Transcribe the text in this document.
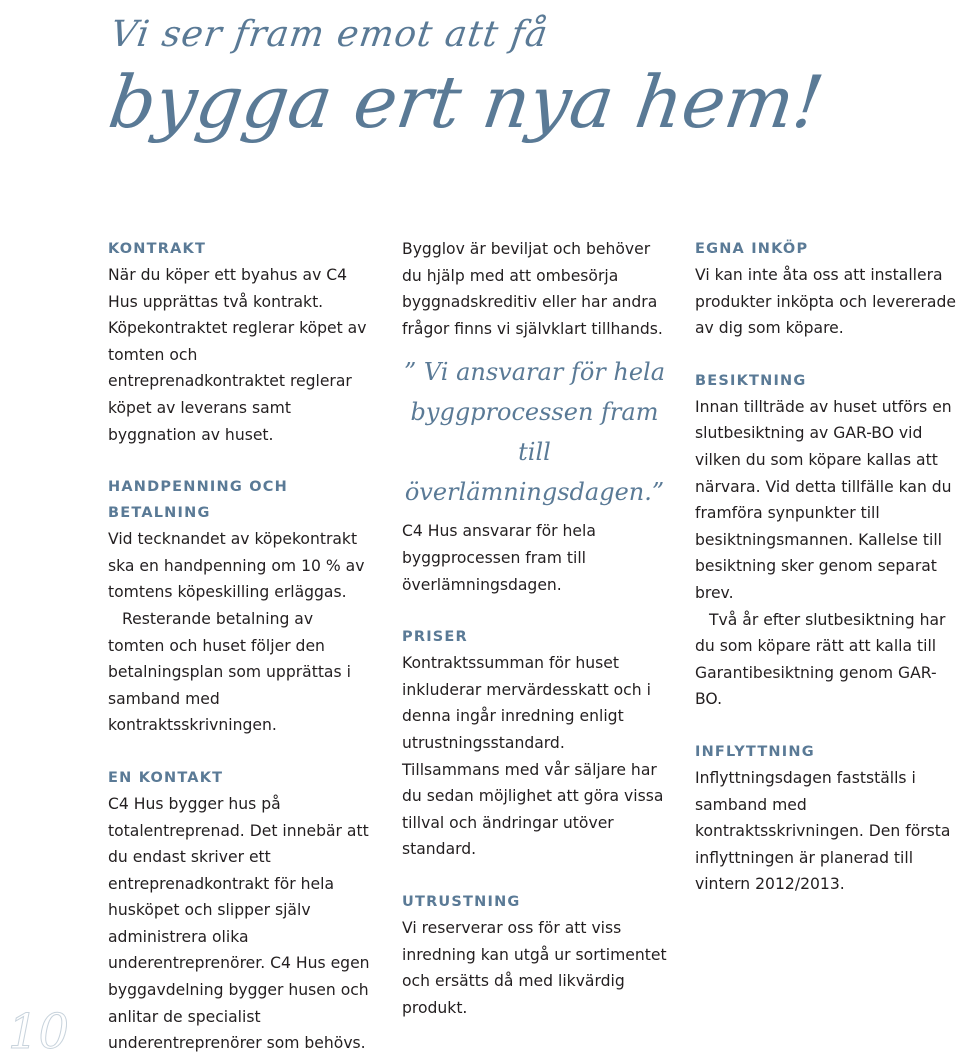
Vi ser fram emot att få
bygga ert nya hem!
KONTRAKT

När du köper ett byahus av C4 Hus upprättas två kontrakt. Köpekontraktet reglerar köpet av tomten och entreprenadkontraktet reglerar köpet av leverans samt byggnation av huset.

HANDPENNING OCH BETALNING

Vid tecknandet av köpekontrakt ska en handpenning om 10 % av tomtens köpeskilling erläggas.

Resterande betalning av tomten och huset följer den betalningsplan som upprättas i samband med kontraktsskrivningen.

EN KONTAKT

C4 Hus bygger hus på totalentreprenad. Det innebär att du endast skriver ett entreprenadkontrakt för hela husköpet och slipper själv administrera olika underentreprenörer. C4 Hus egen byggavdelning bygger husen och anlitar de specialist underentreprenörer som behövs.

Bygglov är beviljat och behöver du hjälp med att ombesörja byggnadskreditiv eller har andra frågor finns vi självklart tillhands.

” Vi ansvarar för hela byggprocessen fram till överlämningsdagen.”

C4 Hus ansvarar för hela byggprocessen fram till överlämningsdagen.

PRISER

Kontraktssumman för huset inkluderar mervärdesskatt och i denna ingår inredning enligt utrustningsstandard. Tillsammans med vår säljare har du sedan möjlighet att göra vissa tillval och ändringar utöver standard.

UTRUSTNING

Vi reserverar oss för att viss inredning kan utgå ur sortimentet och ersätts då med likvärdig produkt.

EGNA INKÖP

Vi kan inte åta oss att installera produkter inköpta och levererade av dig som köpare.

BESIKTNING

Innan tillträde av huset utförs en slutbesiktning av GAR-BO vid vilken du som köpare kallas att närvara. Vid detta tillfälle kan du framföra synpunkter till besiktningsmannen. Kallelse till besiktning sker genom separat brev.

Två år efter slutbesiktning har du som köpare rätt att kalla till Garantibesiktning genom GAR-BO.

INFLYTTNING

Inflyttningsdagen fastställs i samband med kontraktsskrivningen. Den första inflyttningen är planerad till vintern 2012/2013.

10
